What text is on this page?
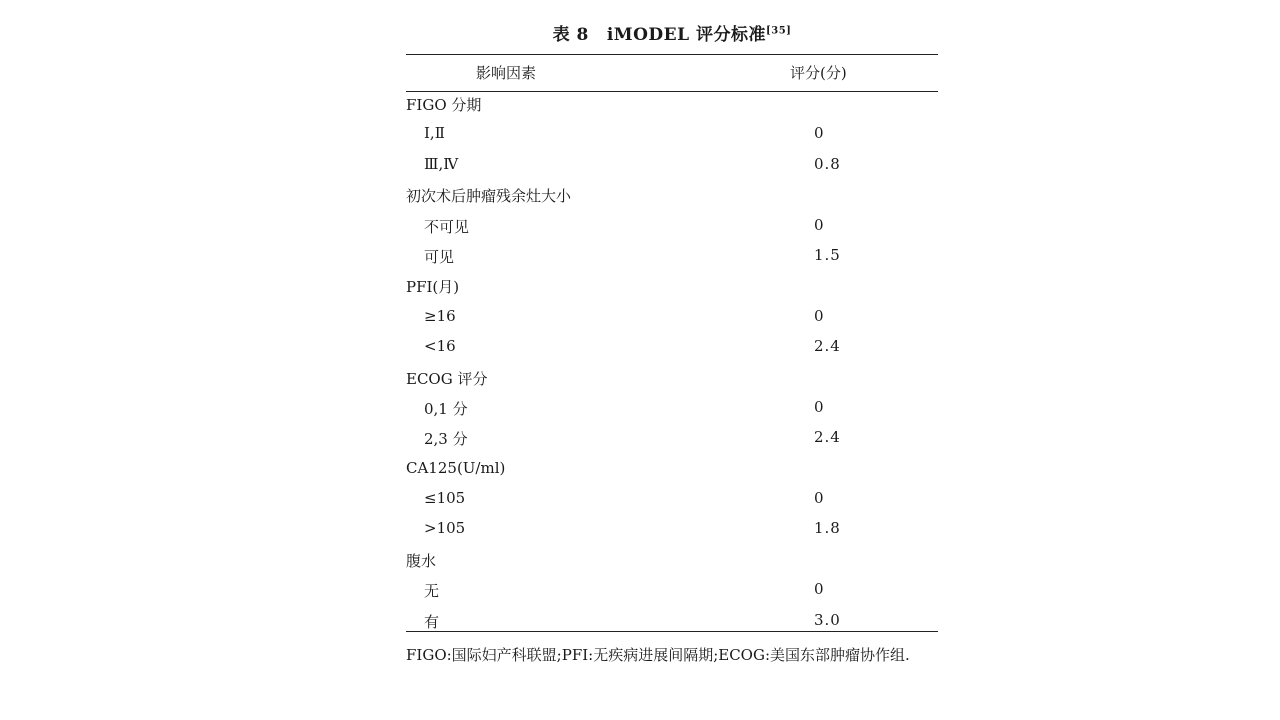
表 8 iMODEL 评分标准[35]
影响因素	评分(分)
FIGO 分期
Ⅰ,Ⅱ	0
Ⅲ,Ⅳ	0.8
初次术后肿瘤残余灶大小
不可见	0
可见	1.5
PFI(月)
≥16	0
<16	2.4
ECOG 评分
0,1 分	0
2,3 分	2.4
CA125(U/ml)
≤105	0
>105	1.8
腹水
无	0
有	3.0
FIGO:国际妇产科联盟;PFI:无疾病进展间隔期;ECOG:美国东部肿瘤协作组.
